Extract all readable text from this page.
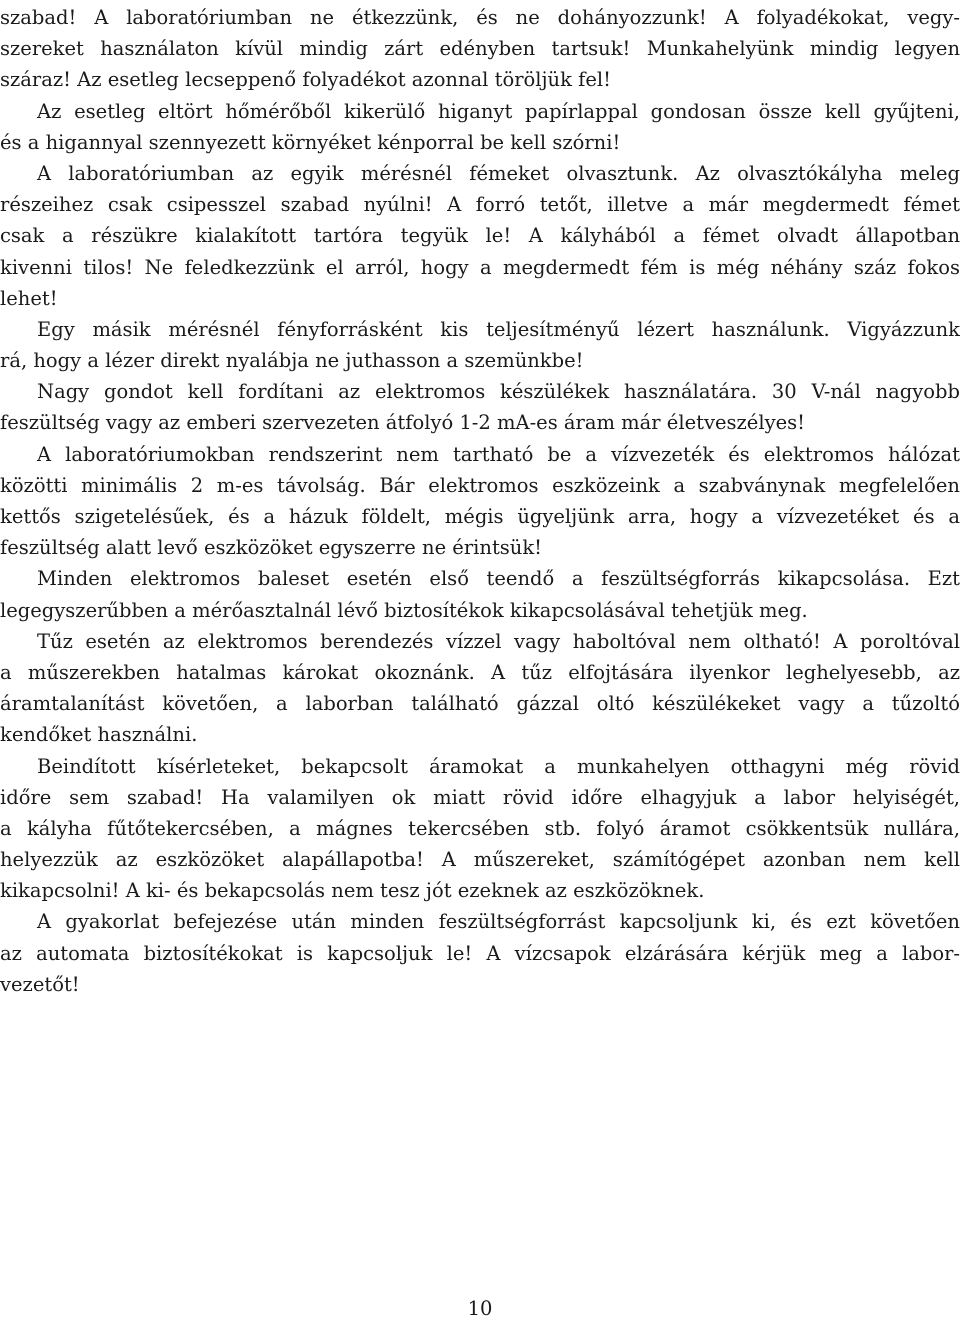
szabad! A laboratóriumban ne étkezzünk, és ne dohányozzunk! A folyadékokat, vegy-
szereket használaton kívül mindig zárt edényben tartsuk! Munkahelyünk mindig legyen
száraz! Az esetleg lecseppenő folyadékot azonnal töröljük fel!
Az esetleg eltört hőmérőből kikerülő higanyt papírlappal gondosan össze kell gyűjteni,
és a higannyal szennyezett környéket kénporral be kell szórni!
A laboratóriumban az egyik mérésnél fémeket olvasztunk. Az olvasztókályha meleg
részeihez csak csipesszel szabad nyúlni! A forró tetőt, illetve a már megdermedt fémet
csak a részükre kialakított tartóra tegyük le! A kályhából a fémet olvadt állapotban
kivenni tilos! Ne feledkezzünk el arról, hogy a megdermedt fém is még néhány száz fokos
lehet!
Egy másik mérésnél fényforrásként kis teljesítményű lézert használunk. Vigyázzunk
rá, hogy a lézer direkt nyalábja ne juthasson a szemünkbe!
Nagy gondot kell fordítani az elektromos készülékek használatára. 30 V-nál nagyobb
feszültség vagy az emberi szervezeten átfolyó 1-2 mA-es áram már életveszélyes!
A laboratóriumokban rendszerint nem tartható be a vízvezeték és elektromos hálózat
közötti minimális 2 m-es távolság. Bár elektromos eszközeink a szabványnak megfelelően
kettős szigetelésűek, és a házuk földelt, mégis ügyeljünk arra, hogy a vízvezetéket és a
feszültség alatt levő eszközöket egyszerre ne érintsük!
Minden elektromos baleset esetén első teendő a feszültségforrás kikapcsolása. Ezt
legegyszerűbben a mérőasztalnál lévő biztosítékok kikapcsolásával tehetjük meg.
Tűz esetén az elektromos berendezés vízzel vagy haboltóval nem oltható! A poroltóval
a műszerekben hatalmas károkat okoznánk. A tűz elfojtására ilyenkor leghelyesebb, az
áramtalanítást követően, a laborban található gázzal oltó készülékeket vagy a tűzoltó
kendőket használni.
Beindított kísérleteket, bekapcsolt áramokat a munkahelyen otthagyni még rövid
időre sem szabad! Ha valamilyen ok miatt rövid időre elhagyjuk a labor helyiségét,
a kályha fűtőtekercsében, a mágnes tekercsében stb. folyó áramot csökkentsük nullára,
helyezzük az eszközöket alapállapotba! A műszereket, számítógépet azonban nem kell
kikapcsolni! A ki- és bekapcsolás nem tesz jót ezeknek az eszközöknek.
A gyakorlat befejezése után minden feszültségforrást kapcsoljunk ki, és ezt követően
az automata biztosítékokat is kapcsoljuk le! A vízcsapok elzárására kérjük meg a labor-
vezetőt!
10
